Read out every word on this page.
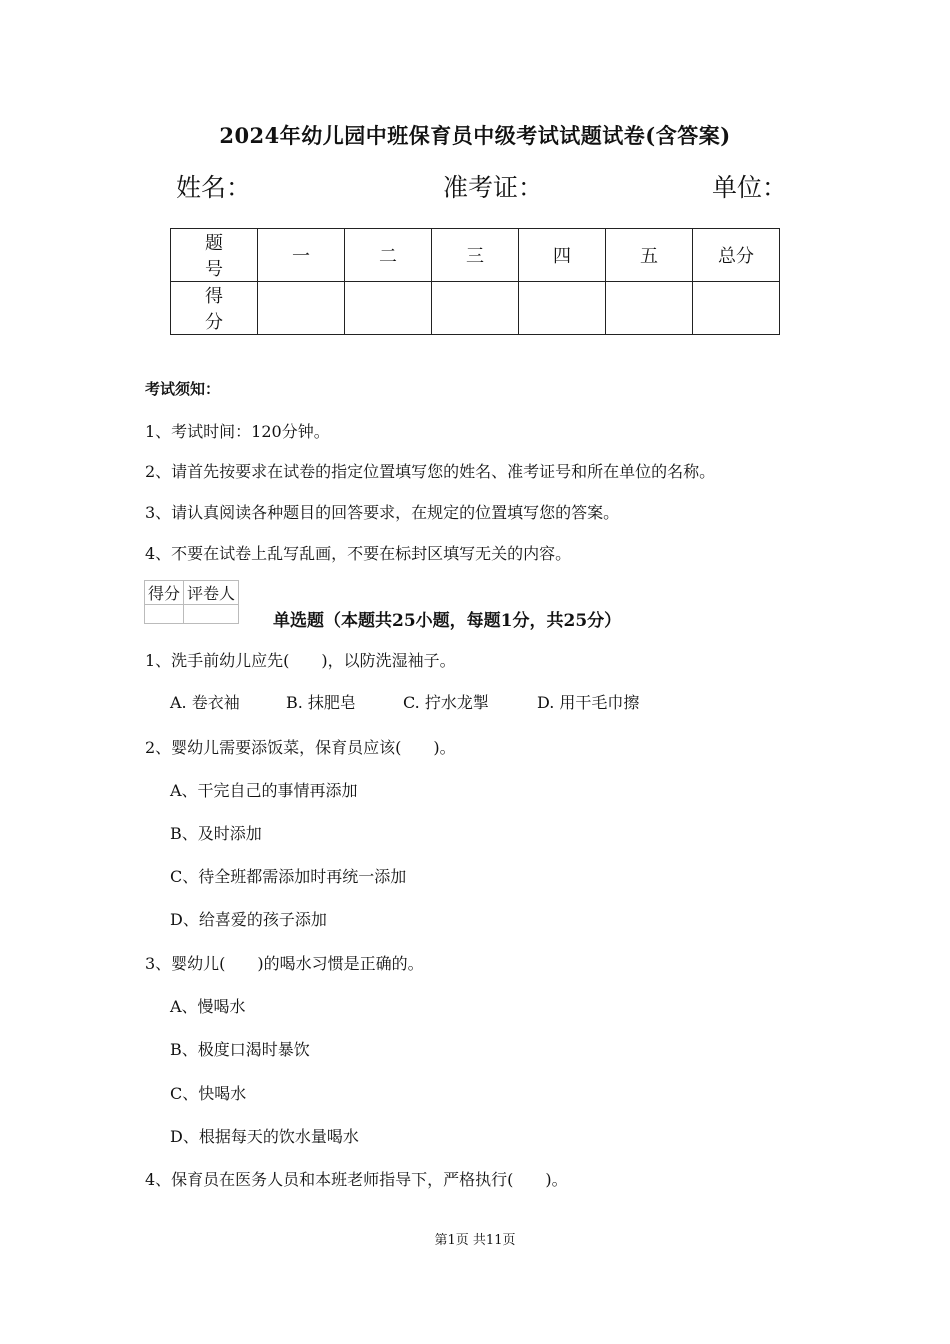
2024年幼儿园中班保育员中级考试试题试卷(含答案)
姓名：	准考证：	单位：
题号	一	二	三	四	五	总分
得分						
考试须知：
1、考试时间：120分钟。
2、请首先按要求在试卷的指定位置填写您的姓名、准考证号和所在单位的名称。
3、请认真阅读各种题目的回答要求，在规定的位置填写您的答案。
4、不要在试卷上乱写乱画，不要在标封区填写无关的内容。
得分	评卷人

单选题（本题共25小题，每题1分，共25分）
1、洗手前幼儿应先(　　)，以防洗湿袖子。
A. 卷衣袖	B. 抹肥皂	C. 拧水龙掣	D. 用干毛巾擦
2、婴幼儿需要添饭菜，保育员应该(　　)。
A、干完自己的事情再添加
B、及时添加
C、待全班都需添加时再统一添加
D、给喜爱的孩子添加
3、婴幼儿(　　)的喝水习惯是正确的。
A、慢喝水
B、极度口渴时暴饮
C、快喝水
D、根据每天的饮水量喝水
4、保育员在医务人员和本班老师指导下，严格执行(　　)。
第1页 共11页
